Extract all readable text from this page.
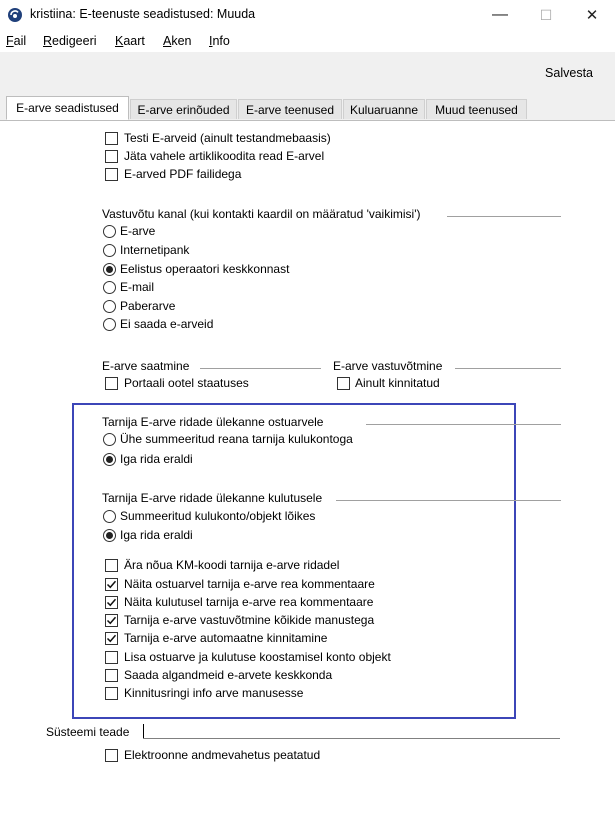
kristiina: E-teenuste seadistused: Muuda	— ☐ ✕
Fail Redigeeri Kaart Aken Info
Salvesta
E-arve seadistused	E-arve erinõuded	E-arve teenused	Kuluaruanne	Muud teenused
Testi E-arveid (ainult testandmebaasis)
Jäta vahele artiklikoodita read E-arvel
E-arved PDF failidega
Vastuvõtu kanal (kui kontakti kaardil on määratud 'vaikimisi')
E-arve
Internetipank
Eelistus operaatori keskkonnast
E-mail
Paberarve
Ei saada e-arveid
E-arve saatmine	E-arve vastuvõtmine
Portaali ootel staatuses	Ainult kinnitatud
Tarnija E-arve ridade ülekanne ostuarvele
Ühe summeeritud reana tarnija kulukontoga
Iga rida eraldi
Tarnija E-arve ridade ülekanne kulutusele
Summeeritud kulukonto/objekt lõikes
Iga rida eraldi
Ära nõua KM-koodi tarnija e-arve ridadel
Näita ostuarvel tarnija e-arve rea kommentaare
Näita kulutusel tarnija e-arve rea kommentaare
Tarnija e-arve vastuvõtmine kõikide manustega
Tarnija e-arve automaatne kinnitamine
Lisa ostuarve ja kulutuse koostamisel konto objekt
Saada algandmeid e-arvete keskkonda
Kinnitusringi info arve manusesse
Süsteemi teade
Elektroonne andmevahetus peatatud
